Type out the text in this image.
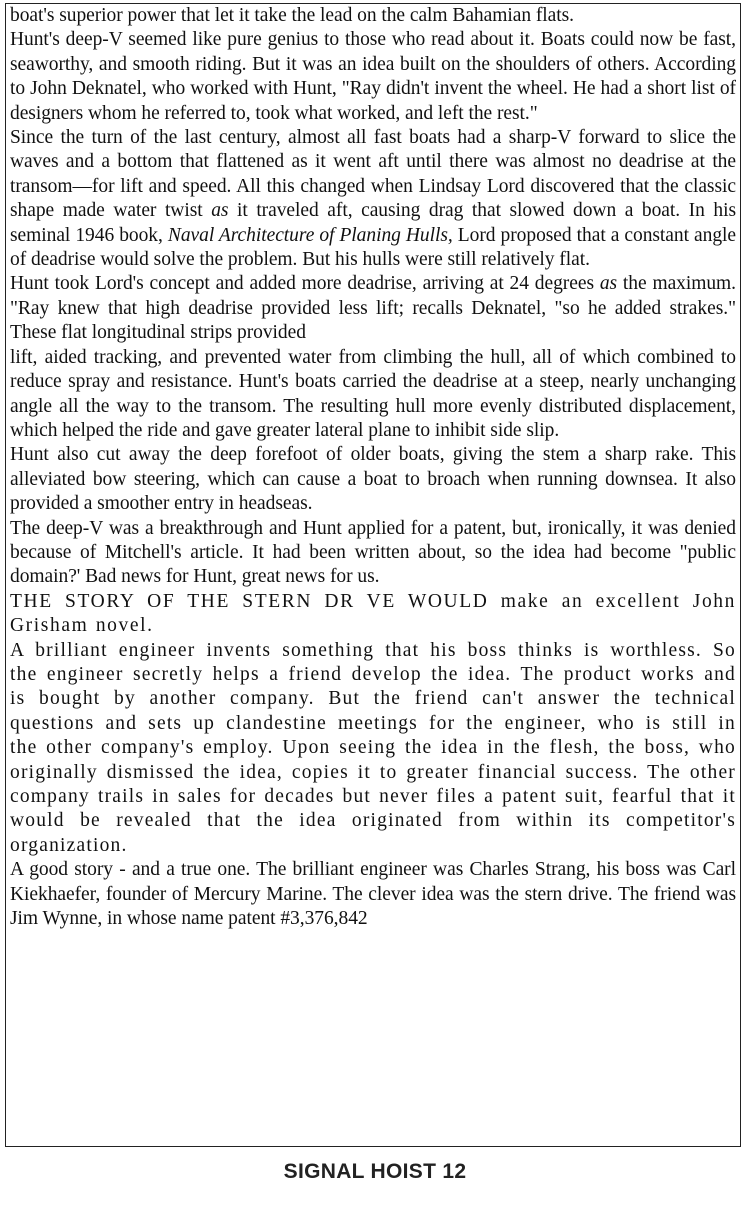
boat's superior power that let it take the lead on the calm Bahamian flats.

Hunt's deep-V seemed like pure genius to those who read about it. Boats could now be fast, seaworthy, and smooth riding. But it was an idea built on the shoulders of others. According to John Deknatel, who worked with Hunt, "Ray didn't invent the wheel. He had a short list of designers whom he referred to, took what worked, and left the rest."

Since the turn of the last century, almost all fast boats had a sharp-V forward to slice the waves and a bottom that flattened as it went aft until there was almost no deadrise at the transom—for lift and speed. All this changed when Lindsay Lord discovered that the classic shape made water twist as it traveled aft, causing drag that slowed down a boat. In his seminal 1946 book, Naval Architecture of Planing Hulls, Lord proposed that a constant angle of deadrise would solve the problem. But his hulls were still relatively flat.

Hunt took Lord's concept and added more deadrise, arriving at 24 degrees as the maximum. "Ray knew that high deadrise provided less lift; recalls Deknatel, "so he added strakes." These flat longitudinal strips provided

lift, aided tracking, and prevented water from climbing the hull, all of which combined to reduce spray and resistance. Hunt's boats carried the deadrise at a steep, nearly unchanging angle all the way to the transom. The resulting hull more evenly distributed displacement, which helped the ride and gave greater lateral plane to inhibit side slip.

Hunt also cut away the deep forefoot of older boats, giving the stem a sharp rake. This alleviated bow steering, which can cause a boat to broach when running downsea. It also provided a smoother entry in headseas.

The deep-V was a breakthrough and Hunt applied for a patent, but, ironically, it was denied because of Mitchell's article. It had been written about, so the idea had become "public domain?' Bad news for Hunt, great news for us.

THE STORY OF THE STERN DR VE WOULD make an excellent John Grisham novel.

A brilliant engineer invents something that his boss thinks is worthless. So the engineer secretly helps a friend develop the idea. The product works and is bought by another company. But the friend can't answer the technical questions and sets up clandestine meetings for the engineer, who is still in the other company's employ. Upon seeing the idea in the flesh, the boss, who originally dismissed the idea, copies it to greater financial success. The other company trails in sales for decades but never files a patent suit, fearful that it would be revealed that the idea originated from within its competitor's organization.

A good story - and a true one. The brilliant engineer was Charles Strang, his boss was Carl Kiekhaefer, founder of Mercury Marine. The clever idea was the stern drive. The friend was Jim Wynne, in whose name patent #3,376,842

SIGNAL HOIST 12
